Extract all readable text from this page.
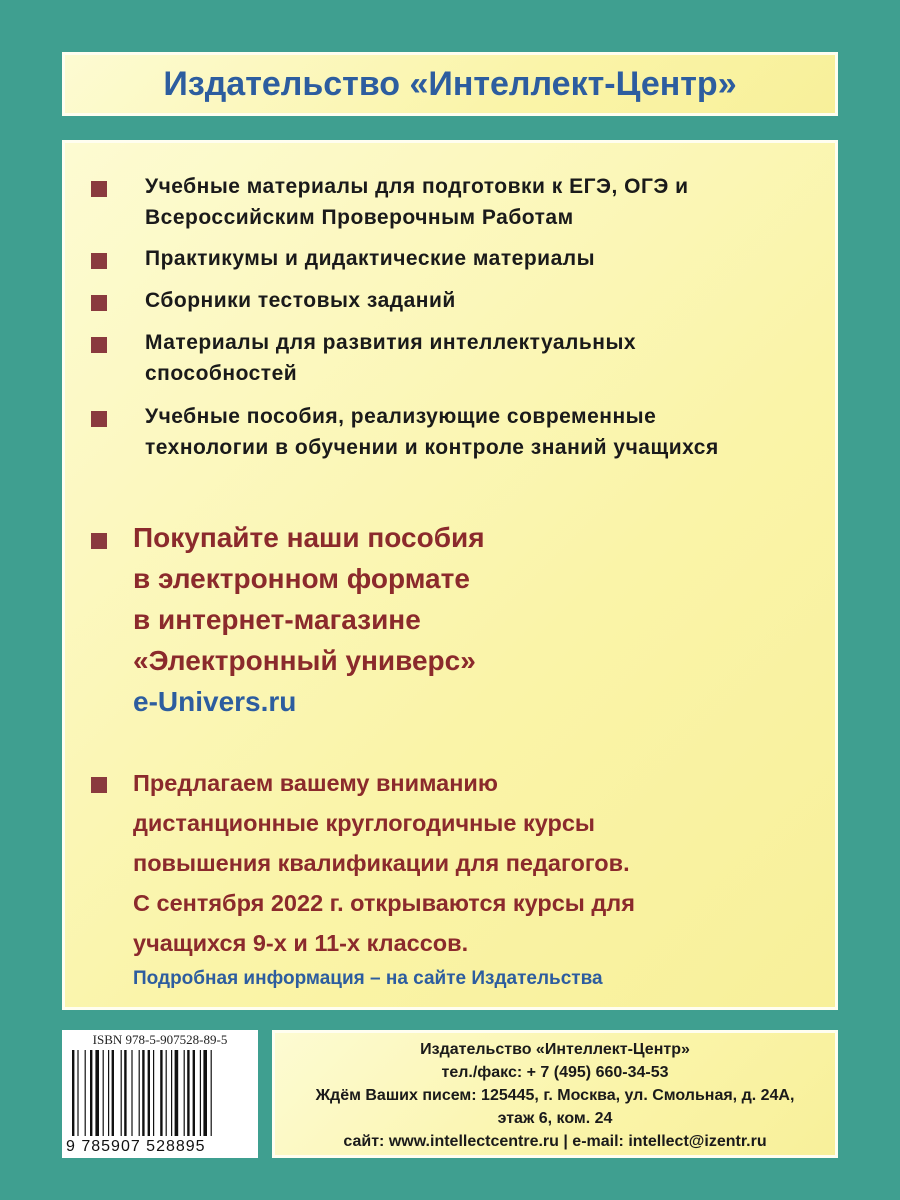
Издательство «Интеллект-Центр»
Учебные материалы для подготовки к ЕГЭ, ОГЭ и
Всероссийским Проверочным Работам
Практикумы и дидактические материалы
Сборники тестовых заданий
Материалы для развития интеллектуальных
способностей
Учебные пособия, реализующие современные
технологии в обучении и контроле знаний учащихся
Покупайте наши пособия
в электронном формате
в интернет-магазине
«Электронный универс»
e-Univers.ru
Предлагаем вашему вниманию
дистанционные круглогодичные курсы
повышения квалификации для педагогов.
С сентября 2022 г. открываются курсы для
учащихся 9-х и 11-х классов.
Подробная информация – на сайте Издательства
ISBN 978-5-907528-89-5
9 785907 528895
Издательство «Интеллект-Центр»
тел./факс: + 7 (495) 660-34-53
Ждём Ваших писем: 125445, г. Москва, ул. Смольная, д. 24А,
этаж 6, ком. 24
сайт: www.intellectcentre.ru | e-mail: intellect@izentr.ru
